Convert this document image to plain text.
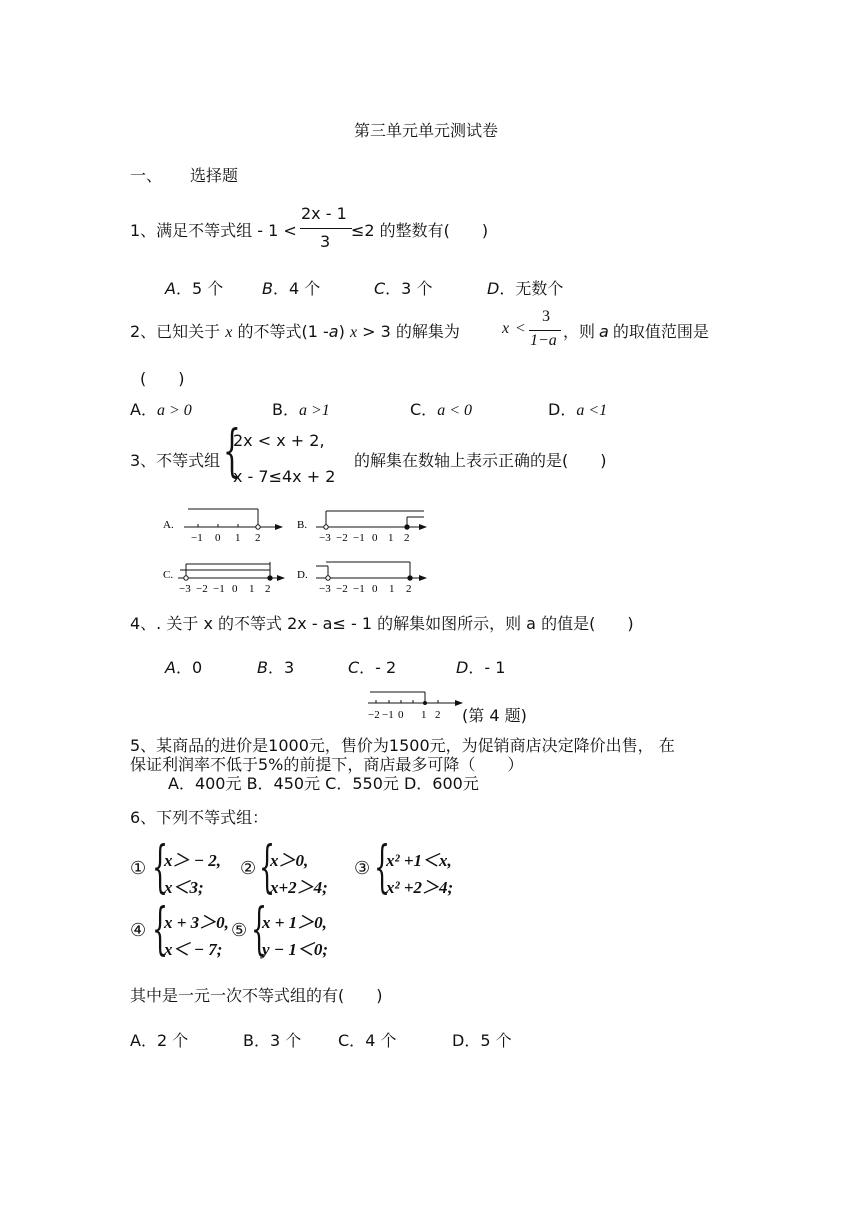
第三单元单元测试卷
一、 选择题
1、满足不等式组 - 1 <
2x - 1
3
≤2 的整数有(　　)
A．5 个 B．4 个	C．3 个	D．无数个
2、已知关于 x 的不等式(1 -a) x > 3 的解集为	x <
3
1−a ，则 a 的取值范围是
(　　)
A．a > 0	B．a >1	C．a < 0	D．a <1
3、不等式组 {
2x < x + 2,
x - 7≤4x + 2
的解集在数轴上表示正确的是(　　)
A.
−1 0 1 2
B.
−3 −2 −1 0 1 2
C.
−3 −2 −1 0 1 2
D.
−3 −2 −1 0 1 2
4、. 关于 x 的不等式 2x - a≤ - 1 的解集如图所示，则 a 的值是(　　)
A．0	B．3	C．- 2	D．- 1
−2 −1 0 1 2 (第 4 题)
5、某商品的进价是1000元，售价为1500元，为促销商店决定降价出售， 在
保证利润率不低于5%的前提下，商店最多可降（　　）
A．400元 B．450元 C．550元 D．600元
6、下列不等式组：
① {
x＞ − 2,
x＜3;
② {
x＞0,
x+2＞4;
③ {
x² +1＜x,
x² +2＞4;
④ {
x + 3＞0,
x＜ − 7;
⑤ {
x + 1＞0,
y − 1＜0;
其中是一元一次不等式组的有(　　)
A．2 个	B．3 个 C．4 个	D．5 个
